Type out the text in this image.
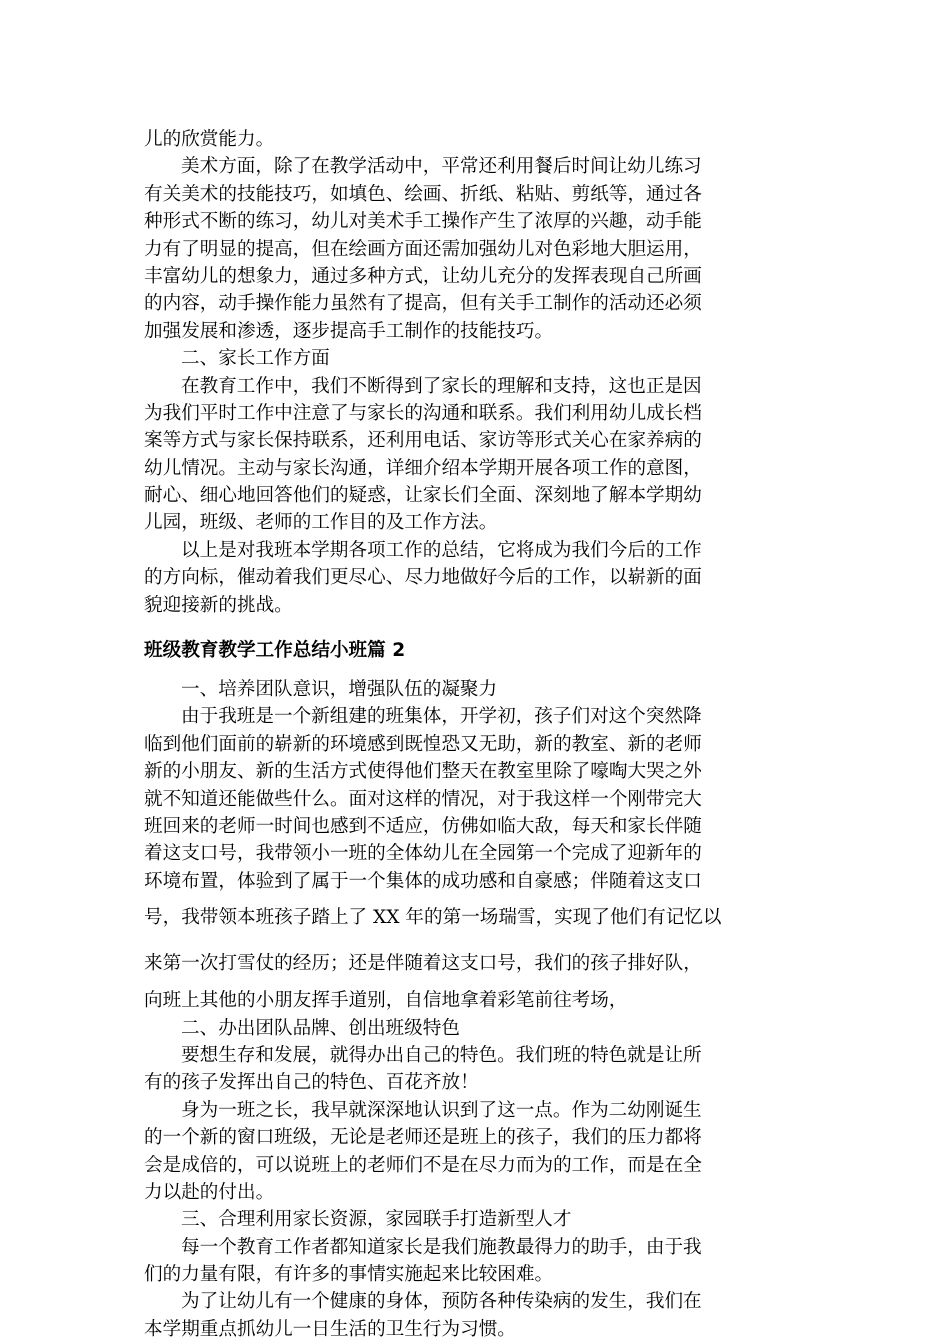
儿的欣赏能力。
美术方面，除了在教学活动中，平常还利用餐后时间让幼儿练习
有关美术的技能技巧，如填色、绘画、折纸、粘贴、剪纸等，通过各
种形式不断的练习，幼儿对美术手工操作产生了浓厚的兴趣，动手能
力有了明显的提高，但在绘画方面还需加强幼儿对色彩地大胆运用，
丰富幼儿的想象力，通过多种方式，让幼儿充分的发挥表现自己所画
的内容，动手操作能力虽然有了提高，但有关手工制作的活动还必须
加强发展和渗透，逐步提高手工制作的技能技巧。
二、家长工作方面
在教育工作中，我们不断得到了家长的理解和支持，这也正是因
为我们平时工作中注意了与家长的沟通和联系。我们利用幼儿成长档
案等方式与家长保持联系，还利用电话、家访等形式关心在家养病的
幼儿情况。主动与家长沟通，详细介绍本学期开展各项工作的意图，
耐心、细心地回答他们的疑惑，让家长们全面、深刻地了解本学期幼
儿园，班级、老师的工作目的及工作方法。
以上是对我班本学期各项工作的总结，它将成为我们今后的工作
的方向标，催动着我们更尽心、尽力地做好今后的工作，以崭新的面
貌迎接新的挑战。
班级教育教学工作总结小班篇 2
一、培养团队意识，增强队伍的凝聚力
由于我班是一个新组建的班集体，开学初，孩子们对这个突然降
临到他们面前的崭新的环境感到既惶恐又无助，新的教室、新的老师
新的小朋友、新的生活方式使得他们整天在教室里除了嚎啕大哭之外
就不知道还能做些什么。面对这样的情况，对于我这样一个刚带完大
班回来的老师一时间也感到不适应，仿佛如临大敌，每天和家长伴随
着这支口号，我带领小一班的全体幼儿在全园第一个完成了迎新年的
环境布置，体验到了属于一个集体的成功感和自豪感；伴随着这支口
号，我带领本班孩子踏上了 XX 年的第一场瑞雪，实现了他们有记忆以
来第一次打雪仗的经历；还是伴随着这支口号，我们的孩子排好队，
向班上其他的小朋友挥手道别，自信地拿着彩笔前往考场，
二、办出团队品牌、创出班级特色
要想生存和发展，就得办出自己的特色。我们班的特色就是让所
有的孩子发挥出自己的特色、百花齐放！
身为一班之长，我早就深深地认识到了这一点。作为二幼刚诞生
的一个新的窗口班级，无论是老师还是班上的孩子，我们的压力都将
会是成倍的，可以说班上的老师们不是在尽力而为的工作，而是在全
力以赴的付出。
三、合理利用家长资源，家园联手打造新型人才
每一个教育工作者都知道家长是我们施教最得力的助手，由于我
们的力量有限，有许多的事情实施起来比较困难。
为了让幼儿有一个健康的身体，预防各种传染病的发生，我们在
本学期重点抓幼儿一日生活的卫生行为习惯。
